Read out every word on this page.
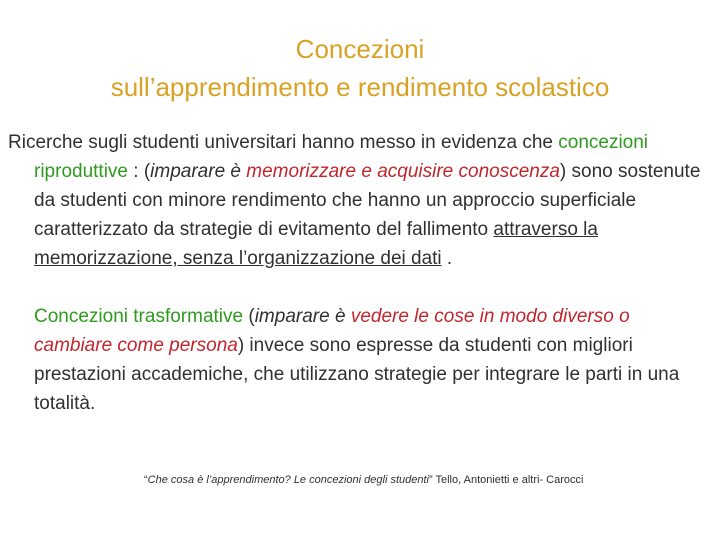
Concezioni
sull’apprendimento e rendimento scolastico

Ricerche sugli studenti universitari hanno messo in evidenza che concezioni riproduttive : (imparare è memorizzare e acquisire conoscenza) sono sostenute da studenti con minore rendimento che hanno un approccio superficiale caratterizzato da strategie di evitamento del fallimento attraverso la memorizzazione, senza l’organizzazione dei dati .

Concezioni trasformative (imparare è vedere le cose in modo diverso o cambiare come persona) invece sono espresse da studenti con migliori prestazioni accademiche, che utilizzano strategie per integrare le parti in una totalità.

“Che cosa è l’apprendimento? Le concezioni degli studenti” Tello, Antonietti e altri- Carocci
